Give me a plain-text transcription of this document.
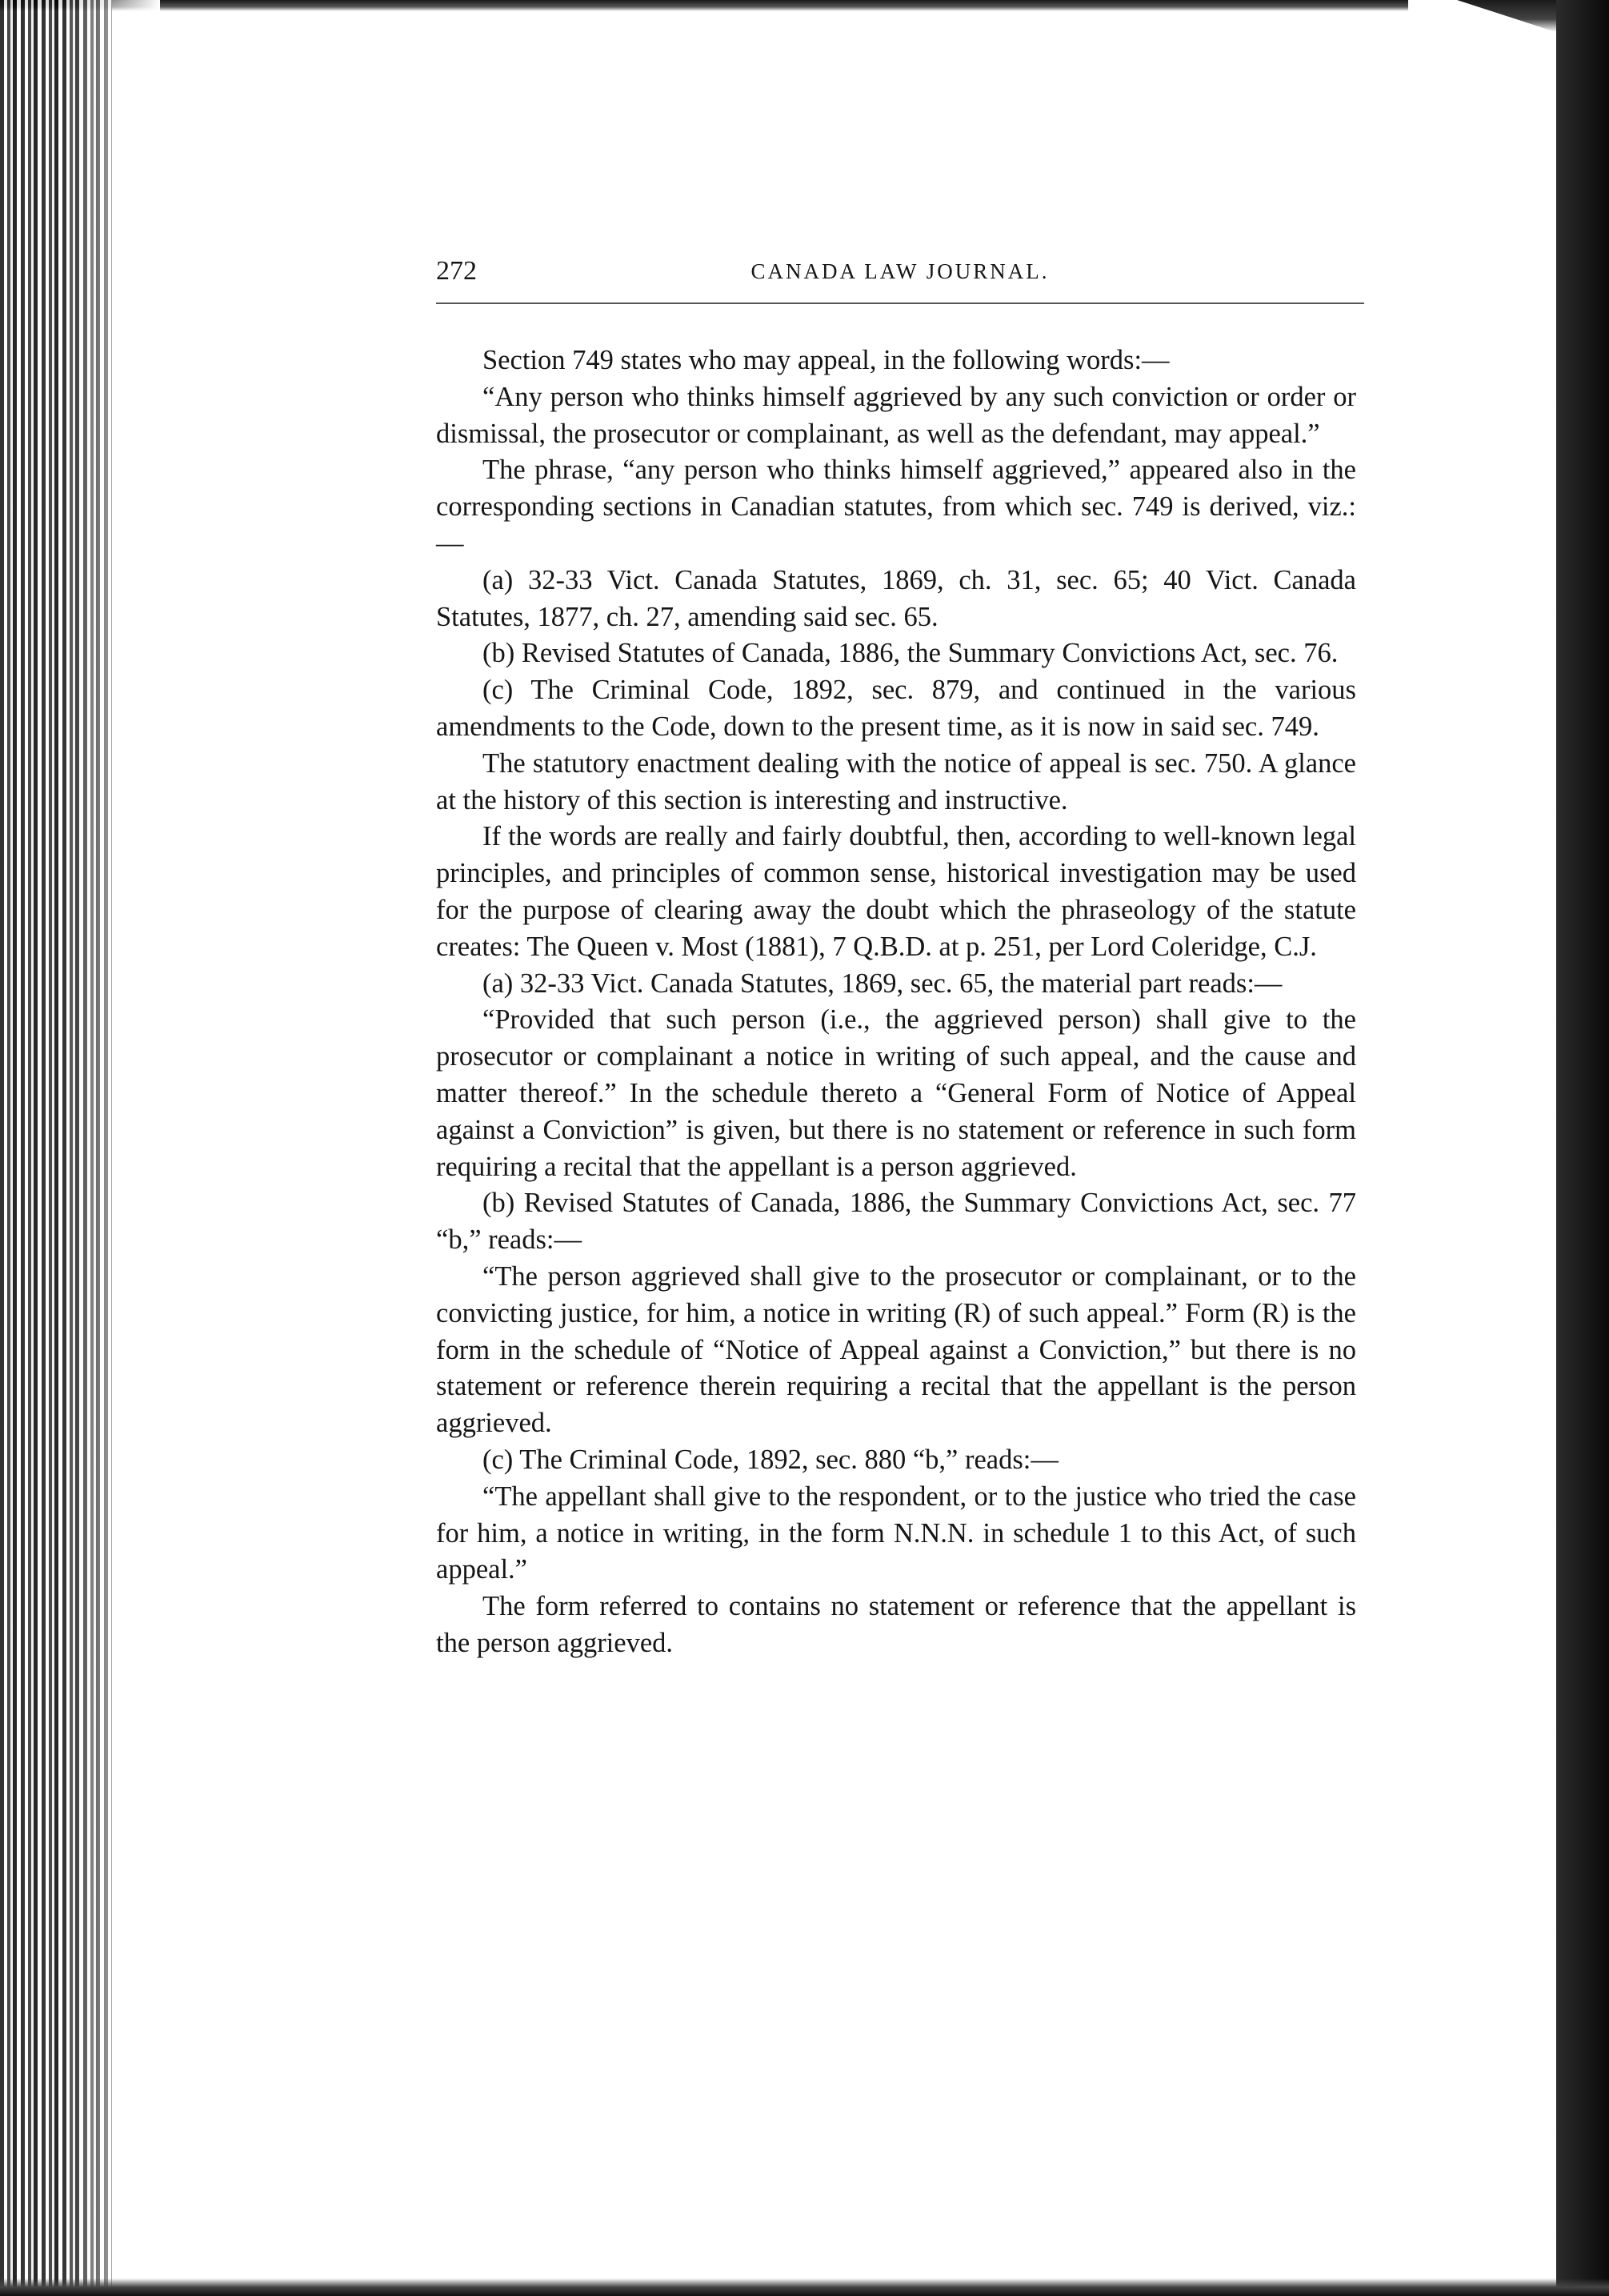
272	CANADA LAW JOURNAL.

Section 749 states who may appeal, in the following words:—

“Any person who thinks himself aggrieved by any such conviction or order or dismissal, the prosecutor or complainant, as well as the defendant, may appeal.”

The phrase, “any person who thinks himself aggrieved,” appeared also in the corresponding sections in Canadian statutes, from which sec. 749 is derived, viz.:—

(a) 32-33 Vict. Canada Statutes, 1869, ch. 31, sec. 65; 40 Vict. Canada Statutes, 1877, ch. 27, amending said sec. 65.

(b) Revised Statutes of Canada, 1886, the Summary Convictions Act, sec. 76.

(c) The Criminal Code, 1892, sec. 879, and continued in the various amendments to the Code, down to the present time, as it is now in said sec. 749.

The statutory enactment dealing with the notice of appeal is sec. 750. A glance at the history of this section is interesting and instructive.

If the words are really and fairly doubtful, then, according to well-known legal principles, and principles of common sense, historical investigation may be used for the purpose of clearing away the doubt which the phraseology of the statute creates: The Queen v. Most (1881), 7 Q.B.D. at p. 251, per Lord Coleridge, C.J.

(a) 32-33 Vict. Canada Statutes, 1869, sec. 65, the material part reads:—

“Provided that such person (i.e., the aggrieved person) shall give to the prosecutor or complainant a notice in writing of such appeal, and the cause and matter thereof.” In the schedule thereto a “General Form of Notice of Appeal against a Conviction” is given, but there is no statement or reference in such form requiring a recital that the appellant is a person aggrieved.

(b) Revised Statutes of Canada, 1886, the Summary Convictions Act, sec. 77 “b,” reads:—

“The person aggrieved shall give to the prosecutor or complainant, or to the convicting justice, for him, a notice in writing (R) of such appeal.” Form (R) is the form in the schedule of “Notice of Appeal against a Conviction,” but there is no statement or reference therein requiring a recital that the appellant is the person aggrieved.

(c) The Criminal Code, 1892, sec. 880 “b,” reads:—

“The appellant shall give to the respondent, or to the justice who tried the case for him, a notice in writing, in the form N.N.N. in schedule 1 to this Act, of such appeal.”

The form referred to contains no statement or reference that the appellant is the person aggrieved.
